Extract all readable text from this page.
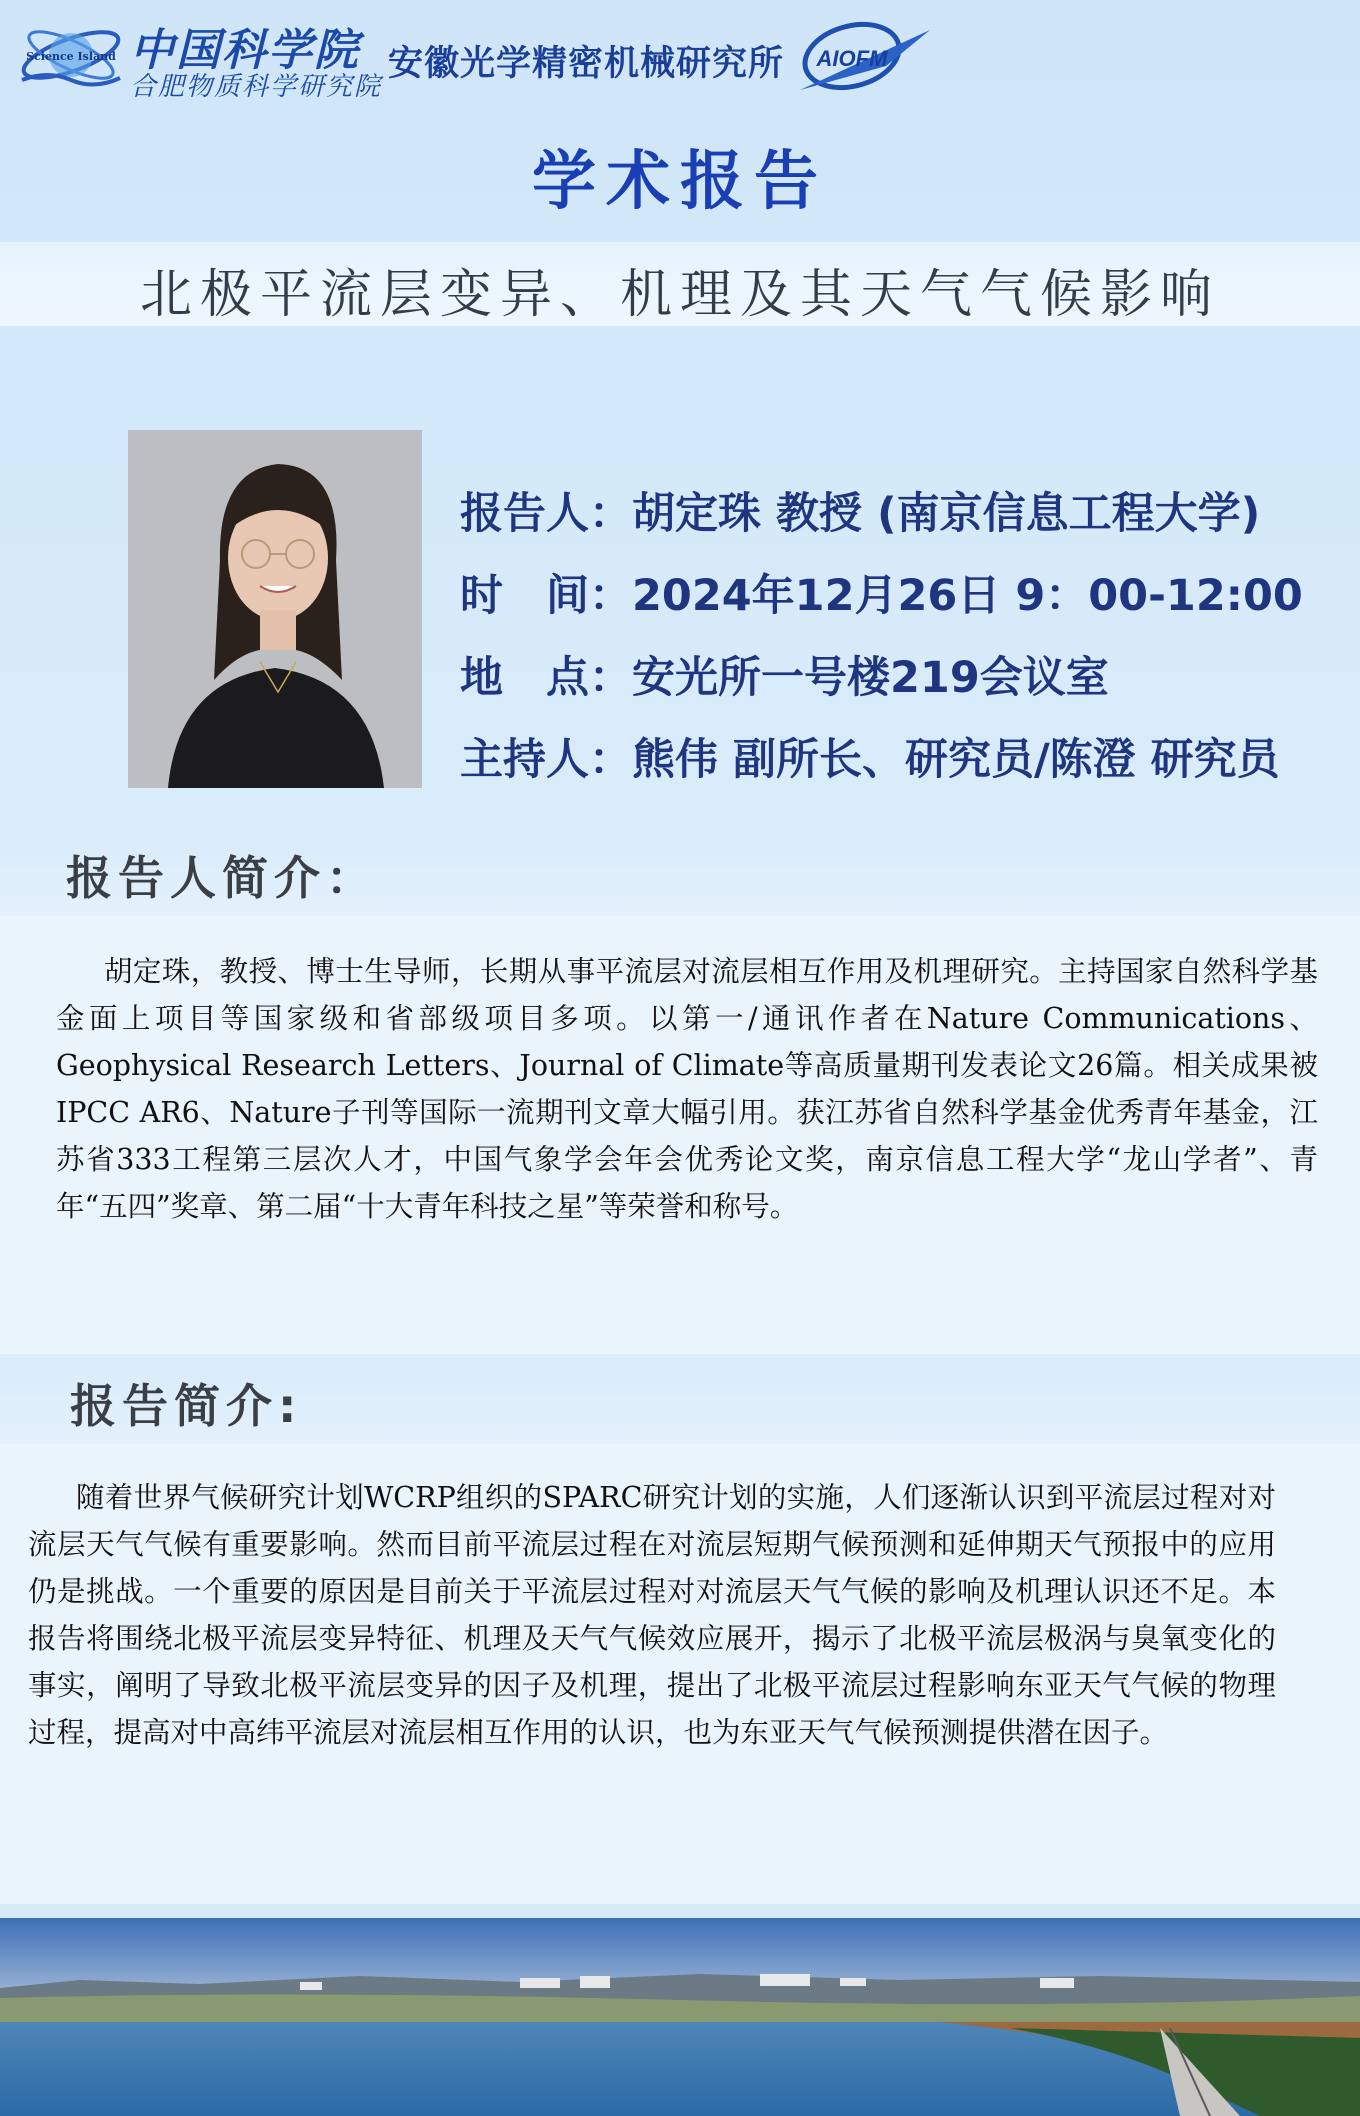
Science Island 中国科学院
合肥物质科学研究院
安徽光学精密机械研究所 AIOFM
学术报告
北极平流层变异、机理及其天气气候影响
报告人：胡定珠 教授 (南京信息工程大学)
时　间：2024年12月26日 9：00-12:00
地　点：安光所一号楼219会议室
主持人：熊伟 副所长、研究员/陈澄 研究员
报告人简介：
胡定珠，教授、博士生导师，长期从事平流层对流层相互作用及机理研究。主持国家自然科学基金面上项目等国家级和省部级项目多项。以第一/通讯作者在Nature Communications、Geophysical Research Letters、Journal of Climate等高质量期刊发表论文26篇。相关成果被IPCC AR6、Nature子刊等国际一流期刊文章大幅引用。获江苏省自然科学基金优秀青年基金，江苏省333工程第三层次人才，中国气象学会年会优秀论文奖，南京信息工程大学“龙山学者”、青年“五四”奖章、第二届“十大青年科技之星”等荣誉和称号。
报告简介:
随着世界气候研究计划WCRP组织的SPARC研究计划的实施，人们逐渐认识到平流层过程对对流层天气气候有重要影响。然而目前平流层过程在对流层短期气候预测和延伸期天气预报中的应用仍是挑战。一个重要的原因是目前关于平流层过程对对流层天气气候的影响及机理认识还不足。本报告将围绕北极平流层变异特征、机理及天气气候效应展开，揭示了北极平流层极涡与臭氧变化的事实，阐明了导致北极平流层变异的因子及机理，提出了北极平流层过程影响东亚天气气候的物理过程，提高对中高纬平流层对流层相互作用的认识，也为东亚天气气候预测提供潜在因子。
